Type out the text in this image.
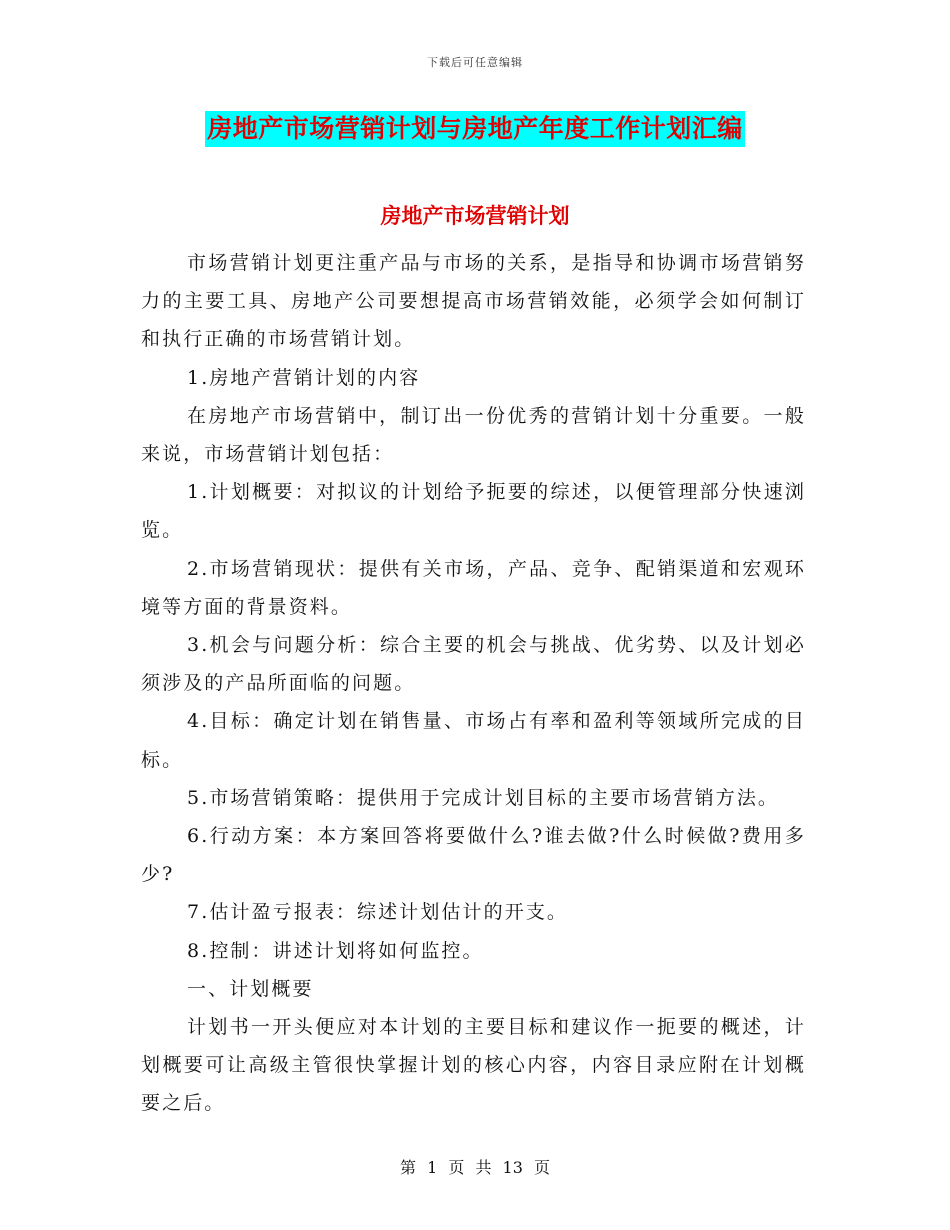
下载后可任意编辑
房地产市场营销计划与房地产年度工作计划汇编
房地产市场营销计划

市场营销计划更注重产品与市场的关系，是指导和协调市场营销努力的主要工具、房地产公司要想提高市场营销效能，必须学会如何制订和执行正确的市场营销计划。

1.房地产营销计划的内容

在房地产市场营销中，制订出一份优秀的营销计划十分重要。一般来说，市场营销计划包括：

1.计划概要：对拟议的计划给予扼要的综述，以便管理部分快速浏览。

2.市场营销现状：提供有关市场，产品、竞争、配销渠道和宏观环境等方面的背景资料。

3.机会与问题分析：综合主要的机会与挑战、优劣势、以及计划必须涉及的产品所面临的问题。

4.目标：确定计划在销售量、市场占有率和盈利等领域所完成的目标。

5.市场营销策略：提供用于完成计划目标的主要市场营销方法。

6.行动方案：本方案回答将要做什么?谁去做?什么时候做?费用多少?

7.估计盈亏报表：综述计划估计的开支。

8.控制：讲述计划将如何监控。

一、计划概要

计划书一开头便应对本计划的主要目标和建议作一扼要的概述，计划概要可让高级主管很快掌握计划的核心内容，内容目录应附在计划概要之后。

第 1 页 共 13 页
